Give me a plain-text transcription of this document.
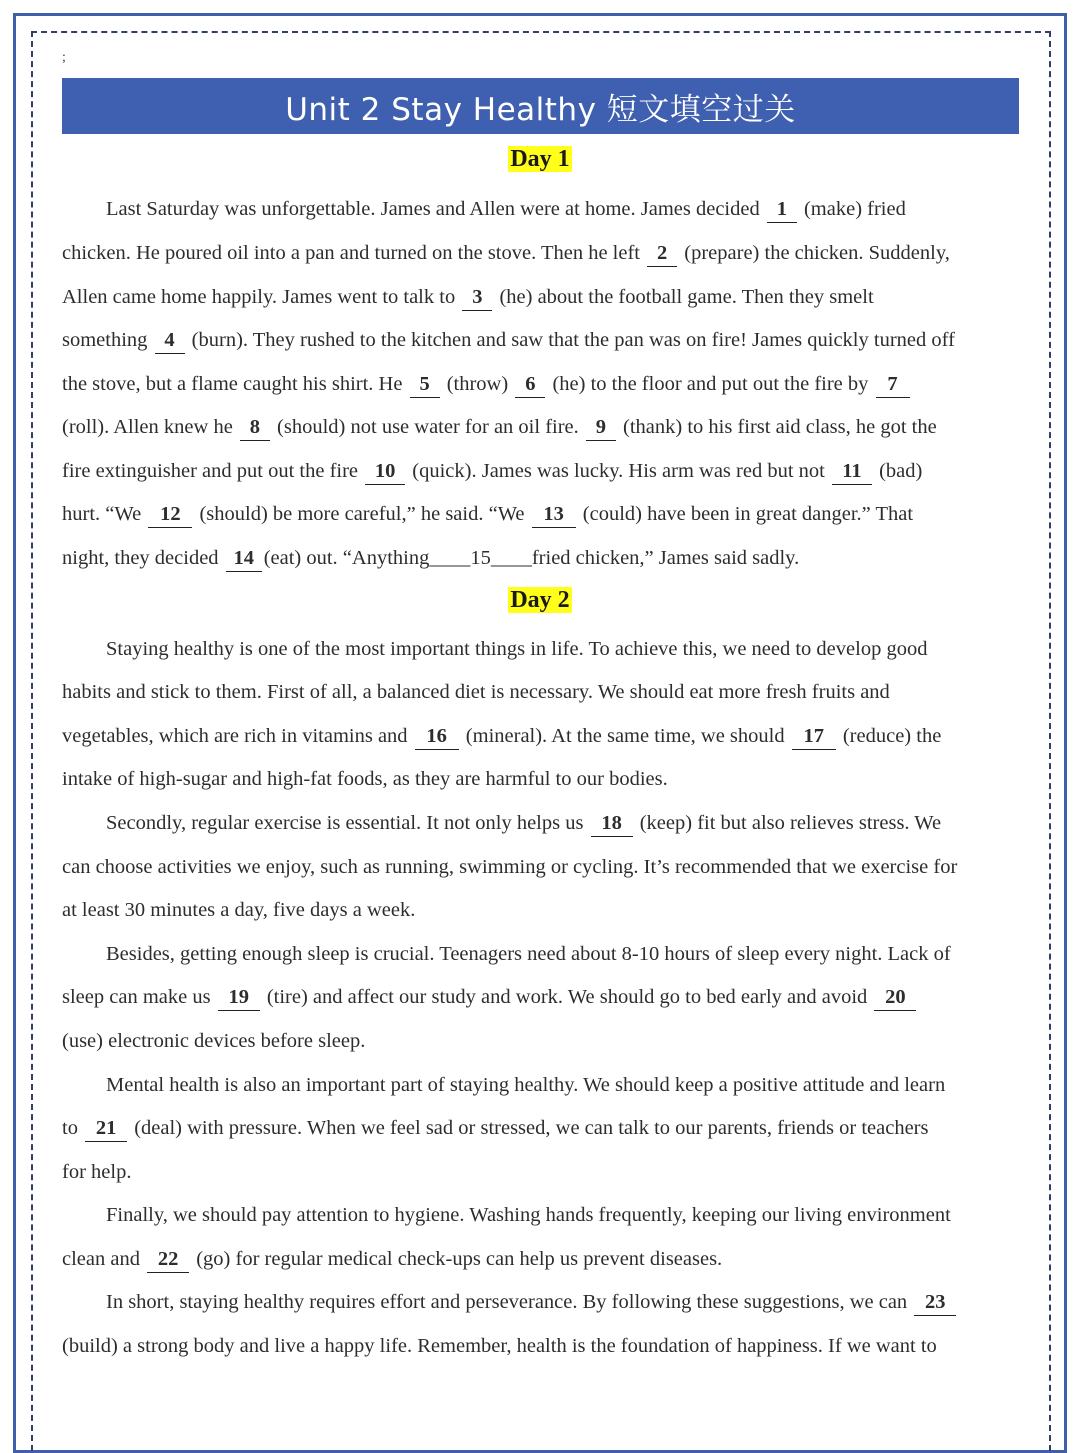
;
Unit 2 Stay Healthy 短文填空过关
Day 1
Last Saturday was unforgettable. James and Allen were at home. James decided 1 (make) fried
chicken. He poured oil into a pan and turned on the stove. Then he left 2 (prepare) the chicken. Suddenly,
Allen came home happily. James went to talk to 3 (he) about the football game. Then they smelt
something 4 (burn). They rushed to the kitchen and saw that the pan was on fire! James quickly turned off
the stove, but a flame caught his shirt. He 5 (throw) 6 (he) to the floor and put out the fire by 7
(roll). Allen knew he 8 (should) not use water for an oil fire. 9 (thank) to his first aid class, he got the
fire extinguisher and put out the fire 10 (quick). James was lucky. His arm was red but not 11 (bad)
hurt. “We 12 (should) be more careful,” he said. “We 13 (could) have been in great danger.” That
night, they decided 14 (eat) out. “Anything____15____fried chicken,” James said sadly.
Day 2
Staying healthy is one of the most important things in life. To achieve this, we need to develop good
habits and stick to them. First of all, a balanced diet is necessary. We should eat more fresh fruits and
vegetables, which are rich in vitamins and 16 (mineral). At the same time, we should 17 (reduce) the
intake of high-sugar and high-fat foods, as they are harmful to our bodies.
Secondly, regular exercise is essential. It not only helps us 18 (keep) fit but also relieves stress. We
can choose activities we enjoy, such as running, swimming or cycling. It’s recommended that we exercise for
at least 30 minutes a day, five days a week.
Besides, getting enough sleep is crucial. Teenagers need about 8-10 hours of sleep every night. Lack of
sleep can make us 19 (tire) and affect our study and work. We should go to bed early and avoid 20
(use) electronic devices before sleep.
Mental health is also an important part of staying healthy. We should keep a positive attitude and learn
to 21 (deal) with pressure. When we feel sad or stressed, we can talk to our parents, friends or teachers
for help.
Finally, we should pay attention to hygiene. Washing hands frequently, keeping our living environment
clean and 22 (go) for regular medical check-ups can help us prevent diseases.
In short, staying healthy requires effort and perseverance. By following these suggestions, we can 23
(build) a strong body and live a happy life. Remember, health is the foundation of happiness. If we want to
